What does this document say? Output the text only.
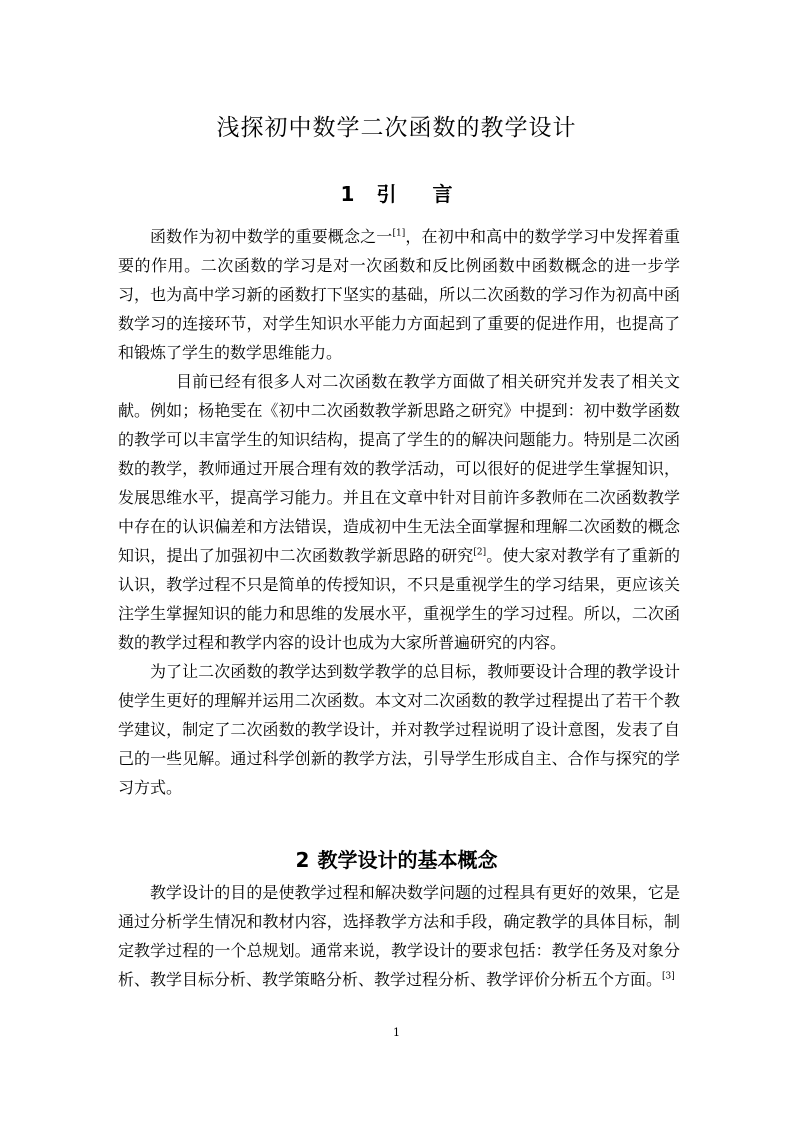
浅探初中数学二次函数的教学设计
1 引 言

函数作为初中数学的重要概念之一[1]，在初中和高中的数学学习中发挥着重要的作用。二次函数的学习是对一次函数和反比例函数中函数概念的进一步学习，也为高中学习新的函数打下坚实的基础，所以二次函数的学习作为初高中函数学习的连接环节，对学生知识水平能力方面起到了重要的促进作用，也提高了和锻炼了学生的数学思维能力。

目前已经有很多人对二次函数在教学方面做了相关研究并发表了相关文献。例如；杨艳雯在《初中二次函数教学新思路之研究》中提到：初中数学函数的教学可以丰富学生的知识结构，提高了学生的的解决问题能力。特别是二次函数的教学，教师通过开展合理有效的教学活动，可以很好的促进学生掌握知识，发展思维水平，提高学习能力。并且在文章中针对目前许多教师在二次函数教学中存在的认识偏差和方法错误，造成初中生无法全面掌握和理解二次函数的概念知识，提出了加强初中二次函数教学新思路的研究[2]。使大家对教学有了重新的认识，教学过程不只是简单的传授知识，不只是重视学生的学习结果，更应该关注学生掌握知识的能力和思维的发展水平，重视学生的学习过程。所以，二次函数的教学过程和教学内容的设计也成为大家所普遍研究的内容。

为了让二次函数的教学达到数学教学的总目标，教师要设计合理的教学设计使学生更好的理解并运用二次函数。本文对二次函数的教学过程提出了若干个教学建议，制定了二次函数的教学设计，并对教学过程说明了设计意图，发表了自己的一些见解。通过科学创新的教学方法，引导学生形成自主、合作与探究的学习方式。

2 教学设计的基本概念

教学设计的目的是使教学过程和解决数学问题的过程具有更好的效果，它是通过分析学生情况和教材内容，选择教学方法和手段，确定教学的具体目标，制定教学过程的一个总规划。通常来说，教学设计的要求包括：教学任务及对象分析、教学目标分析、教学策略分析、教学过程分析、教学评价分析五个方面。[3]

1
